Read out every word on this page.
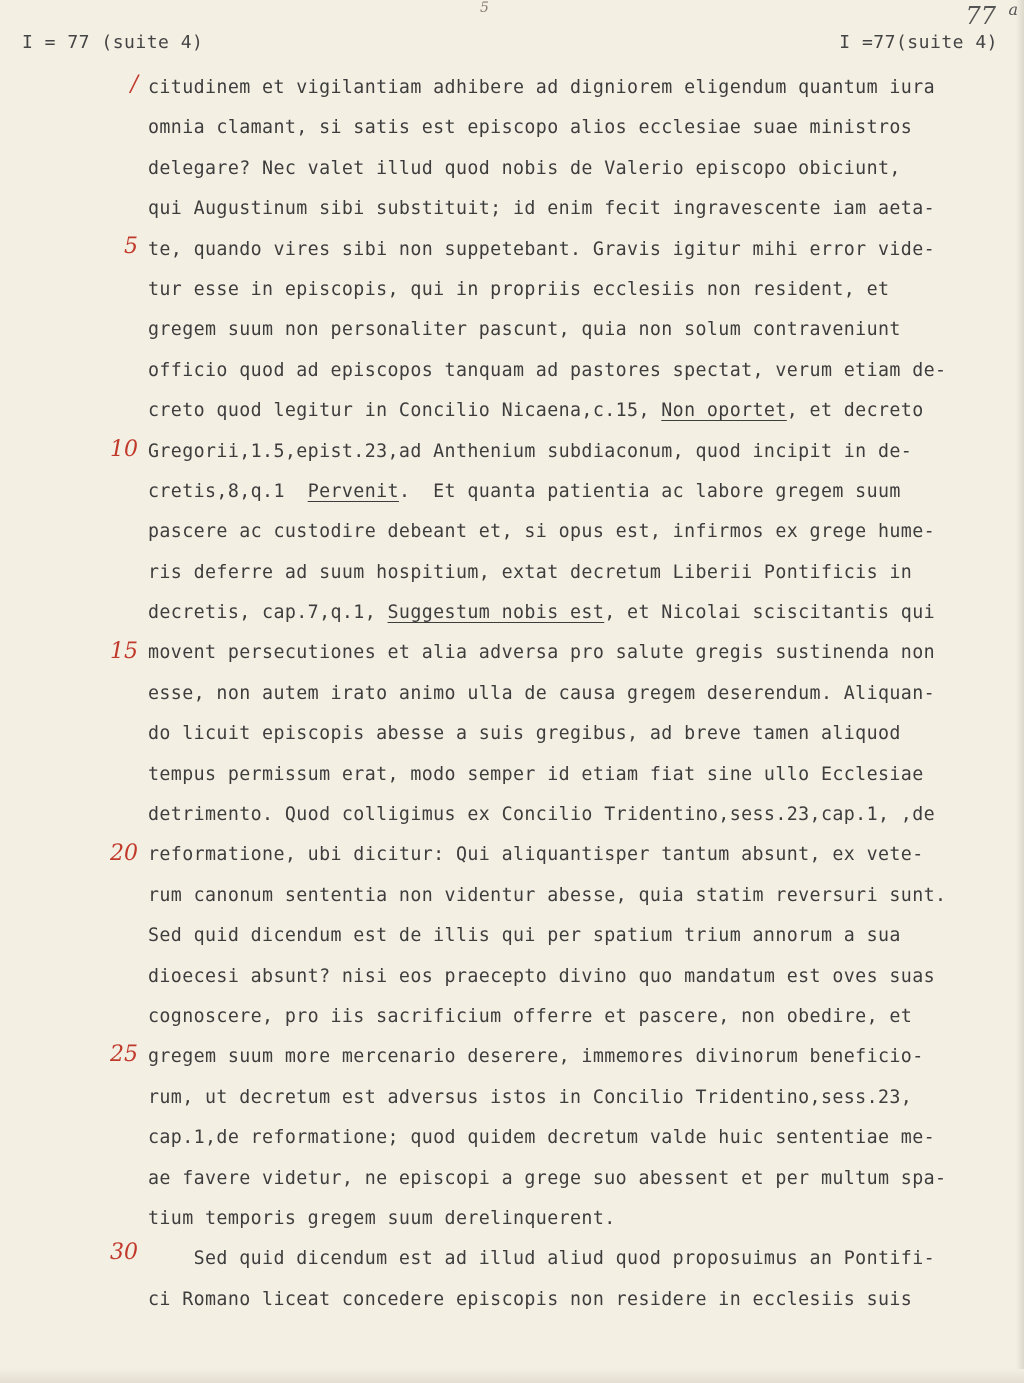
5	77 a
I = 77 (suite 4)	I =77(suite 4)
/
5
10
15
20
25
30
citudinem et vigilantiam adhibere ad digniorem eligendum quantum iura
omnia clamant, si satis est episcopo alios ecclesiae suae ministros
delegare? Nec valet illud quod nobis de Valerio episcopo obiciunt,
qui Augustinum sibi substituit; id enim fecit ingravescente iam aeta-
te, quando vires sibi non suppetebant. Gravis igitur mihi error vide-
tur esse in episcopis, qui in propriis ecclesiis non resident, et
gregem suum non personaliter pascunt, quia non solum contraveniunt
officio quod ad episcopos tanquam ad pastores spectat, verum etiam de-
creto quod legitur in Concilio Nicaena,c.15, Non oportet, et decreto
Gregorii,1.5,epist.23,ad Anthenium subdiaconum, quod incipit in de-
cretis,8,q.1  Pervenit.  Et quanta patientia ac labore gregem suum
pascere ac custodire debeant et, si opus est, infirmos ex grege hume-
ris deferre ad suum hospitium, extat decretum Liberii Pontificis in
decretis, cap.7,q.1, Suggestum nobis est, et Nicolai sciscitantis qui
movent persecutiones et alia adversa pro salute gregis sustinenda non
esse, non autem irato animo ulla de causa gregem deserendum. Aliquan-
do licuit episcopis abesse a suis gregibus, ad breve tamen aliquod
tempus permissum erat, modo semper id etiam fiat sine ullo Ecclesiae
detrimento. Quod colligimus ex Concilio Tridentino,sess.23,cap.1, ,de
reformatione, ubi dicitur: Qui aliquantisper tantum absunt, ex vete-
rum canonum sententia non videntur abesse, quia statim reversuri sunt.
Sed quid dicendum est de illis qui per spatium trium annorum a sua
dioecesi absunt? nisi eos praecepto divino quo mandatum est oves suas
cognoscere, pro iis sacrificium offerre et pascere, non obedire, et
gregem suum more mercenario deserere, immemores divinorum beneficio-
rum, ut decretum est adversus istos in Concilio Tridentino,sess.23,
cap.1,de reformatione; quod quidem decretum valde huic sententiae me-
ae favere videtur, ne episcopi a grege suo abessent et per multum spa-
tium temporis gregem suum derelinquerent.
Sed quid dicendum est ad illud aliud quod proposuimus an Pontifi-
ci Romano liceat concedere episcopis non residere in ecclesiis suis
